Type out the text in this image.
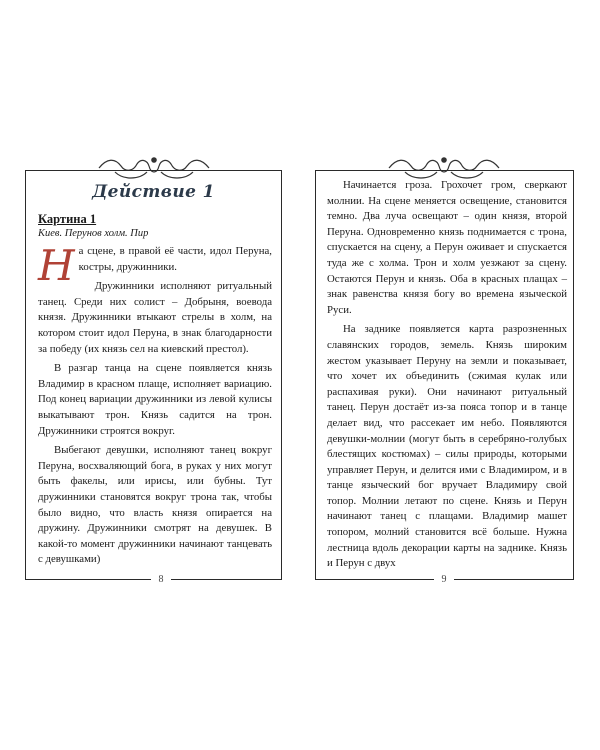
Действие 1
Картина 1
Киев. Перунов холм. Пир

На сцене, в правой её части, идол Перуна, костры, дружинники.

Дружинники исполняют ритуальный танец. Среди них солист – Добрыня, воевода князя. Дружинники втыкают стрелы в холм, на котором стоит идол Перуна, в знак благодарности за победу (их князь сел на киевский престол).

В разгар танца на сцене появляется князь Владимир в красном плаще, исполняет вариацию. Под конец вариации дружинники из левой кулисы выкатывают трон. Князь садится на трон. Дружинники строятся вокруг.

Выбегают девушки, исполняют танец вокруг Перуна, восхваляющий бога, в руках у них могут быть факелы, или ирисы, или бубны. Тут дружинники становятся вокруг трона так, чтобы было видно, что власть князя опирается на дружину. Дружинники смотрят на девушек. В какой-то момент дружинники начинают танцевать с девушками)

Начинается гроза. Грохочет гром, сверкают молнии. На сцене меняется освещение, становится темно. Два луча освещают – один князя, второй Перуна. Одновременно князь поднимается с трона, спускается на сцену, а Перун оживает и спускается туда же с холма. Трон и холм уезжают за сцену. Остаются Перун и князь. Оба в красных плащах – знак равенства князя богу во времена языческой Руси.

На заднике появляется карта разрозненных славянских городов, земель. Князь широким жестом указывает Перуну на земли и показывает, что хочет их объединить (сжимая кулак или распахивая руки). Они начинают ритуальный танец. Перун достаёт из-за пояса топор и в танце делает вид, что рассекает им небо. Появляются девушки-молнии (могут быть в серебряно-голубых блестящих костюмах) – силы природы, которыми управляет Перун, и делится ими с Владимиром, и в танце языческий бог вручает Владимиру свой топор. Молнии летают по сцене. Князь и Перун начинают танец с плащами. Владимир машет топором, молний становится всё больше. Нужна лестница вдоль декорации карты на заднике. Князь и Перун с двух

8	9
